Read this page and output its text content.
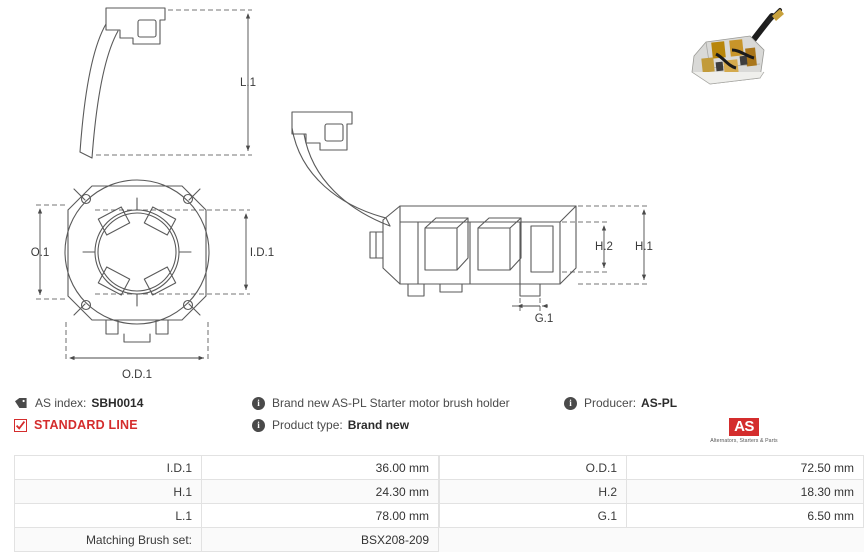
L.1
O.1	I.D.1
O.D.1
H.1
H.2
G.1
AS index: SBH0014	i	Brand new AS-PL Starter motor brush holder	i	Producer: AS-PL
STANDARD LINE	i	Product type: Brand new	AS
Alternators, Starters & Parts
I.D.1	36.00 mm		O.D.1	72.50 mm
H.1	24.30 mm		H.2	18.30 mm
L.1	78.00 mm		G.1	6.50 mm
Matching Brush set:	BSX208-209			
